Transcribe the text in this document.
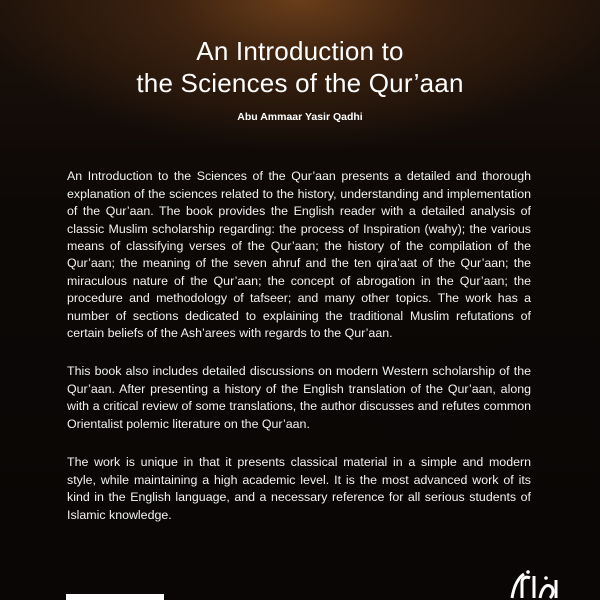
An Introduction to
the Sciences of the Qur’aan
Abu Ammaar Yasir Qadhi

An Introduction to the Sciences of the Qur’aan presents a detailed and thorough explanation of the sciences related to the history, understanding and implementation of the Qur’aan. The book provides the English reader with a detailed analysis of classic Muslim scholarship regarding: the process of Inspiration (wahy); the various means of classifying verses of the Qur’aan; the history of the compilation of the Qur’aan; the meaning of the seven ahruf and the ten qira’aat of the Qur’aan; the miraculous nature of the Qur’aan; the concept of abrogation in the Qur’aan; the procedure and methodology of tafseer; and many other topics. The work has a number of sections dedicated to explaining the traditional Muslim refutations of certain beliefs of the Ash’arees with regards to the Qur’aan.

This book also includes detailed discussions on modern Western scholarship of the Qur’aan. After presenting a history of the English translation of the Qur’aan, along with a critical review of some translations, the author discusses and refutes common Orientalist polemic literature on the Qur’aan.

The work is unique in that it presents classical material in a simple and modern style, while maintaining a high academic level. It is the most advanced work of its kind in the English language, and a necessary reference for all serious students of Islamic knowledge.
